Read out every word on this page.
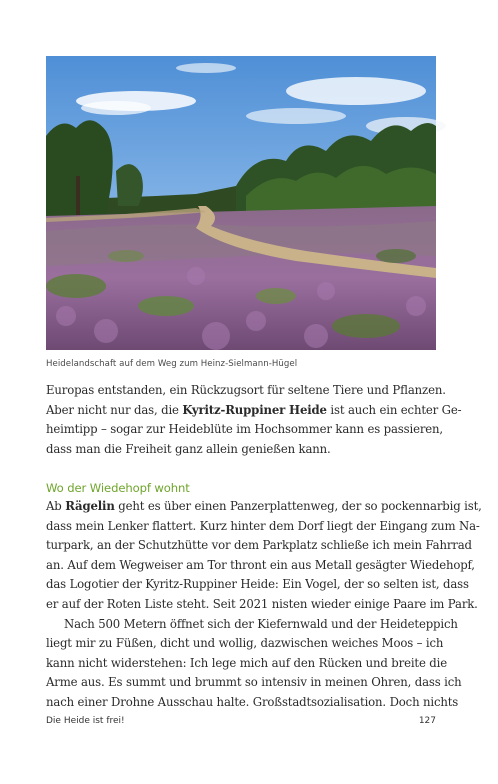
Heidelandschaft auf dem Weg zum Heinz-Sielmann-Hügel
Europas entstanden, ein Rückzugsort für seltene Tiere und Pflanzen.
Aber nicht nur das, die Kyritz-Ruppiner Heide ist auch ein echter Ge-
heimtipp – sogar zur Heideblüte im Hochsommer kann es passieren,
dass man die Freiheit ganz allein genießen kann.
Wo der Wiedehopf wohnt
Ab Rägelin geht es über einen Panzerplattenweg, der so pockennarbig ist,
dass mein Lenker flattert. Kurz hinter dem Dorf liegt der Eingang zum Na-
turpark, an der Schutzhütte vor dem Parkplatz schließe ich mein Fahrrad
an. Auf dem Wegweiser am Tor thront ein aus Metall gesägter Wiedehopf,
das Logotier der Kyritz-Ruppiner Heide: Ein Vogel, der so selten ist, dass
er auf der Roten Liste steht. Seit 2021 nisten wieder einige Paare im Park.
Nach 500 Metern öffnet sich der Kiefernwald und der Heideteppich
liegt mir zu Füßen, dicht und wollig, dazwischen weiches Moos – ich
kann nicht widerstehen: Ich lege mich auf den Rücken und breite die
Arme aus. Es summt und brummt so intensiv in meinen Ohren, dass ich
nach einer Drohne Ausschau halte. Großstadtsozialisation. Doch nichts
Die Heide ist frei!	127
